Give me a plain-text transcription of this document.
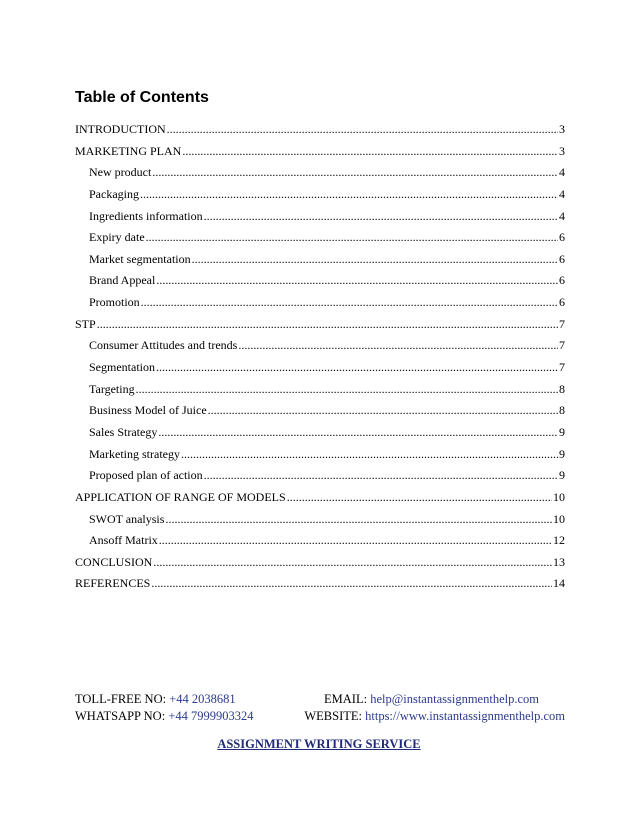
Table of Contents
INTRODUCTION .....	3
MARKETING PLAN .....	3
New product .....	4
Packaging .....	4
Ingredients information .....	4
Expiry date .....	6
Market segmentation .....	6
Brand Appeal .....	6
Promotion .....	6
STP .....	7
Consumer Attitudes and trends .....	7
Segmentation .....	7
Targeting .....	8
Business Model of Juice .....	8
Sales Strategy .....	9
Marketing strategy .....	9
Proposed plan of action .....	9
APPLICATION OF RANGE OF MODELS .....	10
SWOT analysis .....	10
Ansoff Matrix .....	12
CONCLUSION .....	13
REFERENCES .....	14
TOLL-FREE NO: +44 2038681	EMAIL: help@instantassignmenthelp.com
WHATSAPP NO: +44 7999903324	WEBSITE: https://www.instantassignmenthelp.com
ASSIGNMENT WRITING SERVICE
